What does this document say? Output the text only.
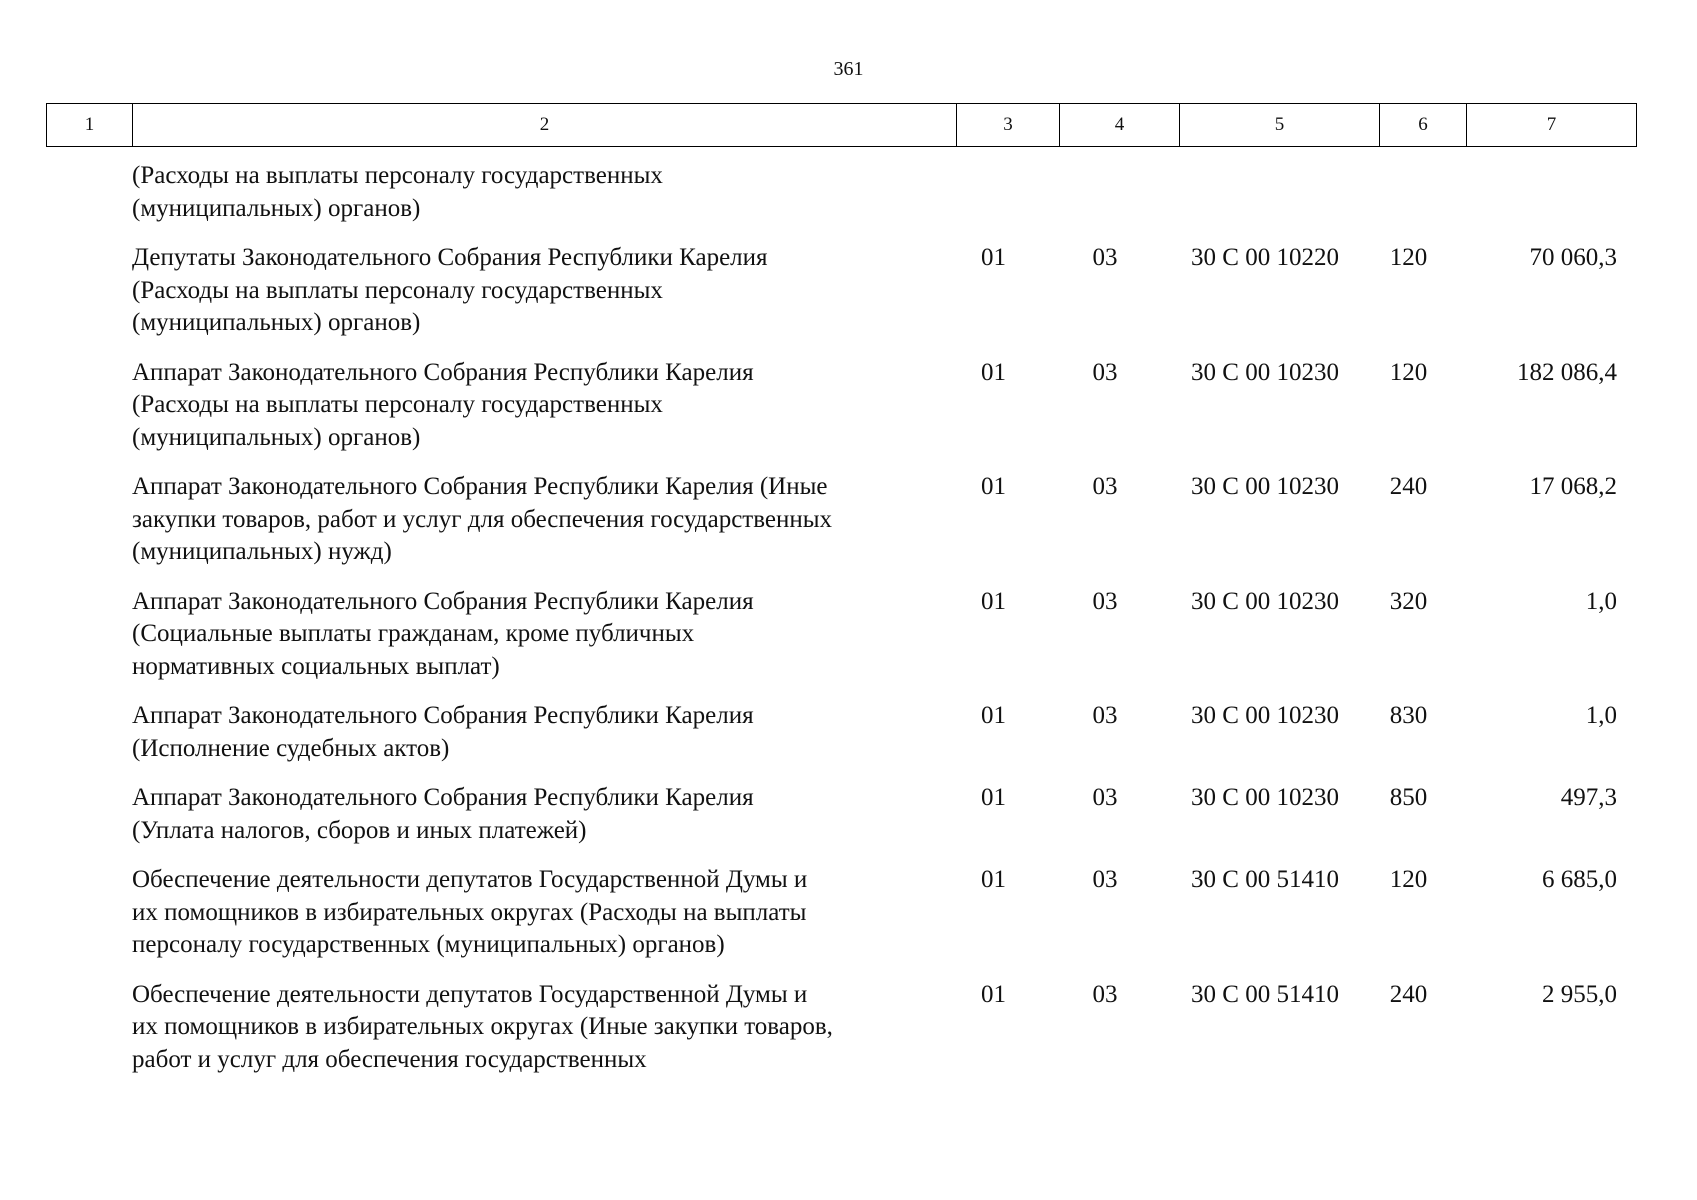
361
1	2	3	4	5	6	7
(Расходы на выплаты персоналу государственных
(муниципальных) органов)
Депутаты Законодательного Собрания Республики Карелия
(Расходы на выплаты персоналу государственных
(муниципальных) органов)
01	03	30 С 00 10220	120	70 060,3
Аппарат Законодательного Собрания Республики Карелия
(Расходы на выплаты персоналу государственных
(муниципальных) органов)
01	03	30 С 00 10230	120	182 086,4
Аппарат Законодательного Собрания Республики Карелия (Иные
закупки товаров, работ и услуг для обеспечения государственных
(муниципальных) нужд)
01	03	30 С 00 10230	240	17 068,2
Аппарат Законодательного Собрания Республики Карелия
(Социальные выплаты гражданам, кроме публичных
нормативных социальных выплат)
01	03	30 С 00 10230	320	1,0
Аппарат Законодательного Собрания Республики Карелия
(Исполнение судебных актов)
01	03	30 С 00 10230	830	1,0
Аппарат Законодательного Собрания Республики Карелия
(Уплата налогов, сборов и иных платежей)
01	03	30 С 00 10230	850	497,3
Обеспечение деятельности депутатов Государственной Думы и
их помощников в избирательных округах (Расходы на выплаты
персоналу государственных (муниципальных) органов)
01	03	30 С 00 51410	120	6 685,0
Обеспечение деятельности депутатов Государственной Думы и
их помощников в избирательных округах (Иные закупки товаров,
работ и услуг для обеспечения государственных
01	03	30 С 00 51410	240	2 955,0
